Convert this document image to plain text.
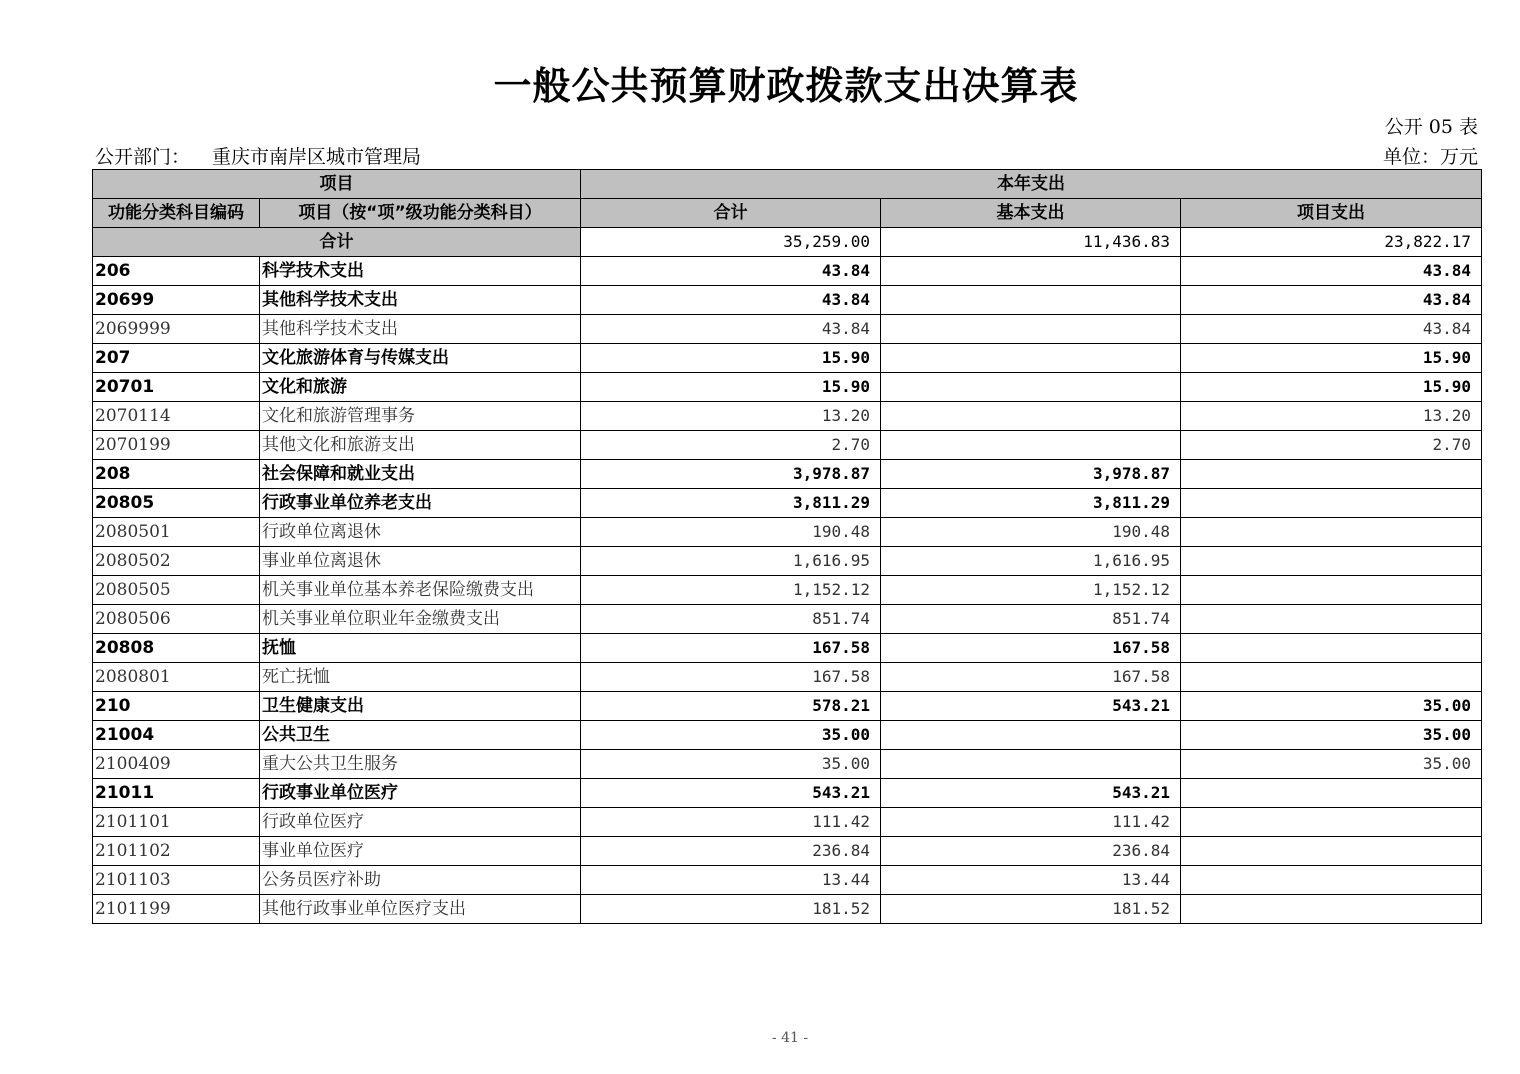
一般公共预算财政拨款支出决算表
公开 05 表
公开部门： 重庆市南岸区城市管理局	单位：万元
项目		本年支出		
功能分类科目编码	项目（按“项”级功能分类科目）	合计	基本支出	项目支出
合计		35,259.00	11,436.83	23,822.17
206	科学技术支出	43.84		43.84
20699	其他科学技术支出	43.84		43.84
2069999	其他科学技术支出	43.84		43.84
207	文化旅游体育与传媒支出	15.90		15.90
20701	文化和旅游	15.90		15.90
2070114	文化和旅游管理事务	13.20		13.20
2070199	其他文化和旅游支出	2.70		2.70
208	社会保障和就业支出	3,978.87	3,978.87	
20805	行政事业单位养老支出	3,811.29	3,811.29	
2080501	行政单位离退休	190.48	190.48	
2080502	事业单位离退休	1,616.95	1,616.95	
2080505	机关事业单位基本养老保险缴费支出	1,152.12	1,152.12	
2080506	机关事业单位职业年金缴费支出	851.74	851.74	
20808	抚恤	167.58	167.58	
2080801	死亡抚恤	167.58	167.58	
210	卫生健康支出	578.21	543.21	35.00
21004	公共卫生	35.00		35.00
2100409	重大公共卫生服务	35.00		35.00
21011	行政事业单位医疗	543.21	543.21	
2101101	行政单位医疗	111.42	111.42	
2101102	事业单位医疗	236.84	236.84	
2101103	公务员医疗补助	13.44	13.44	
2101199	其他行政事业单位医疗支出	181.52	181.52	
- 41 -
